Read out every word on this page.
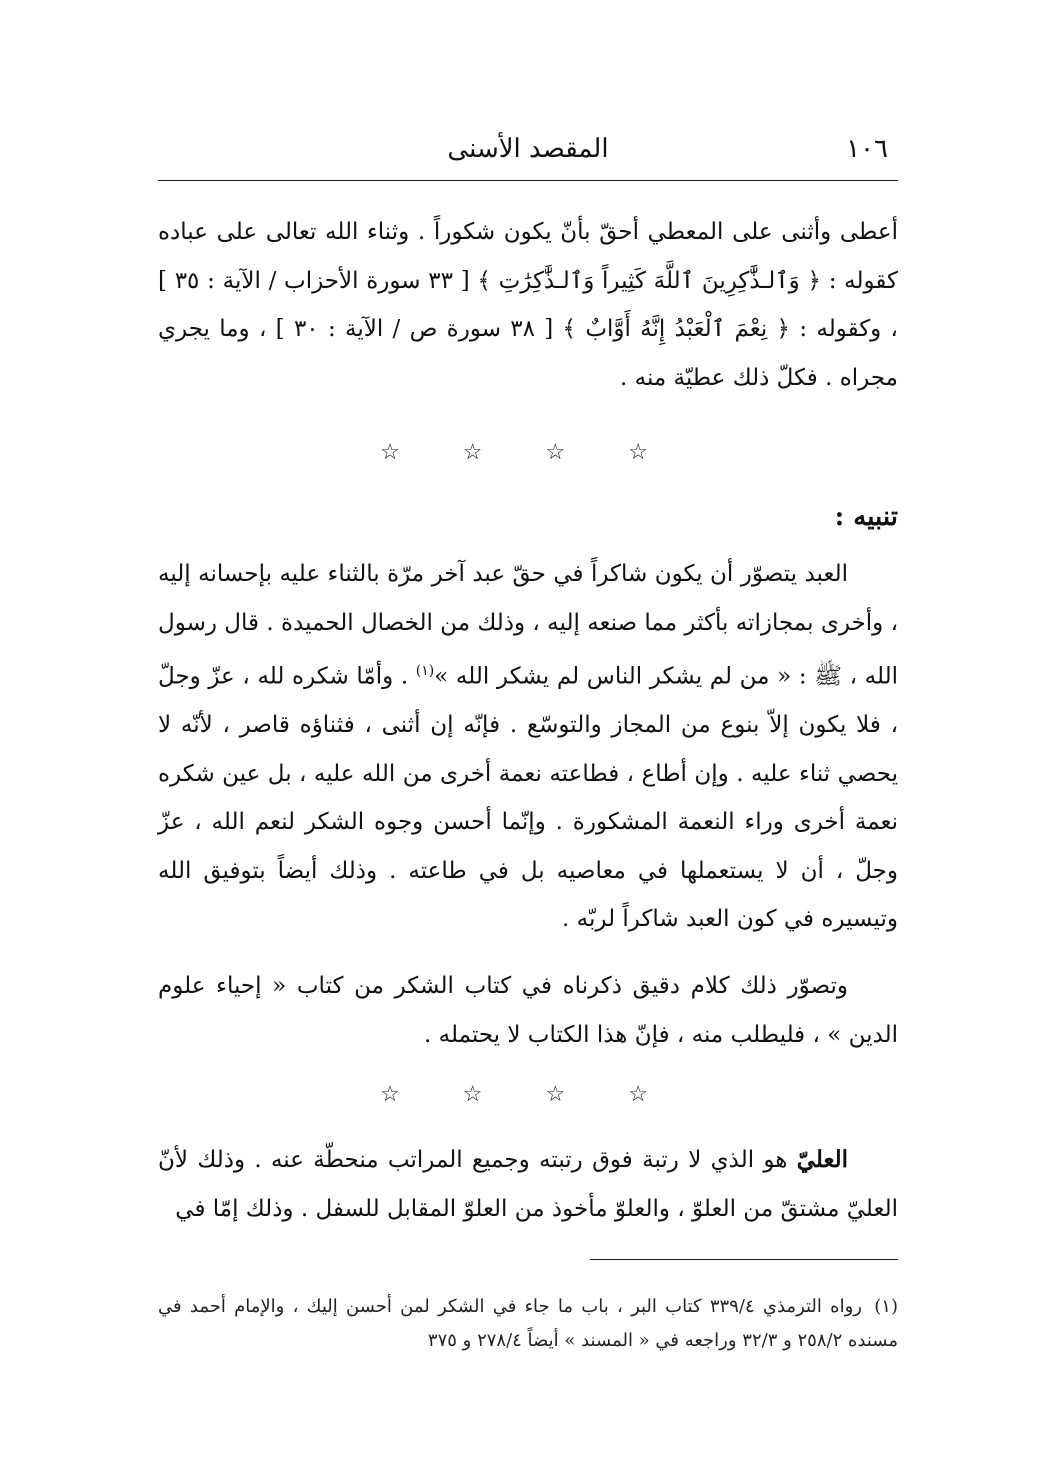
١٠٦
المقصد الأسنى

أعطى وأثنى على المعطي أحقّ بأنّ يكون شكوراً . وثناء الله تعالى على عباده كقوله : ﴿ وَٱلـذَّٰكِرِينَ ٱللَّهَ كَثِيراً وَٱلـذَّٰكِرَٰتِ ﴾ [ ٣٣ سورة الأحزاب / الآية : ٣٥ ] ، وكقوله : ﴿ نِعْمَ ٱلْعَبْدُ إِنَّهُ أَوَّابٌ ﴾ [ ٣٨ سورة ص / الآية : ٣٠ ] ، وما يجري مجراه . فكلّ ذلك عطيّة منه .

☆ ☆ ☆ ☆
تنبيه :

العبد يتصوّر أن يكون شاكراً في حقّ عبد آخر مرّة بالثناء عليه بإحسانه إليه ، وأخرى بمجازاته بأكثر مما صنعه إليه ، وذلك من الخصال الحميدة . قال رسول الله ، ﷺ : « من لم يشكر الناس لم يشكر الله »$^{(١)}$ . وأمّا شكره لله ، عزّ وجلّ ، فلا يكون إلاّ بنوع من المجاز والتوسّع . فإنّه إن أثنى ، فثناؤه قاصر ، لأنّه لا يحصي ثناء عليه . وإن أطاع ، فطاعته نعمة أخرى من الله عليه ، بل عين شكره نعمة أخرى وراء النعمة المشكورة . وإنّما أحسن وجوه الشكر لنعم الله ، عزّ وجلّ ، أن لا يستعملها في معاصيه بل في طاعته . وذلك أيضاً بتوفيق الله وتيسيره في كون العبد شاكراً لربّه .

وتصوّر ذلك كلام دقيق ذكرناه في كتاب الشكر من كتاب « إحياء علوم الدين » ، فليطلب منه ، فإنّ هذا الكتاب لا يحتمله .

☆ ☆ ☆ ☆

العليّ هو الذي لا رتبة فوق رتبته وجميع المراتب منحطّة عنه . وذلك لأنّ العليّ مشتقّ من العلوّ ، والعلوّ مأخوذ من العلوّ المقابل للسفل . وذلك إمّا في

(١)رواه الترمذي ٣٣٩/٤ كتاب البر ، باب ما جاء في الشكر لمن أحسن إليك ، والإمام أحمد في مسنده ٢٥٨/٢ و ٣٢/٣ وراجعه في « المسند » أيضاً ٢٧٨/٤ و ٣٧٥
